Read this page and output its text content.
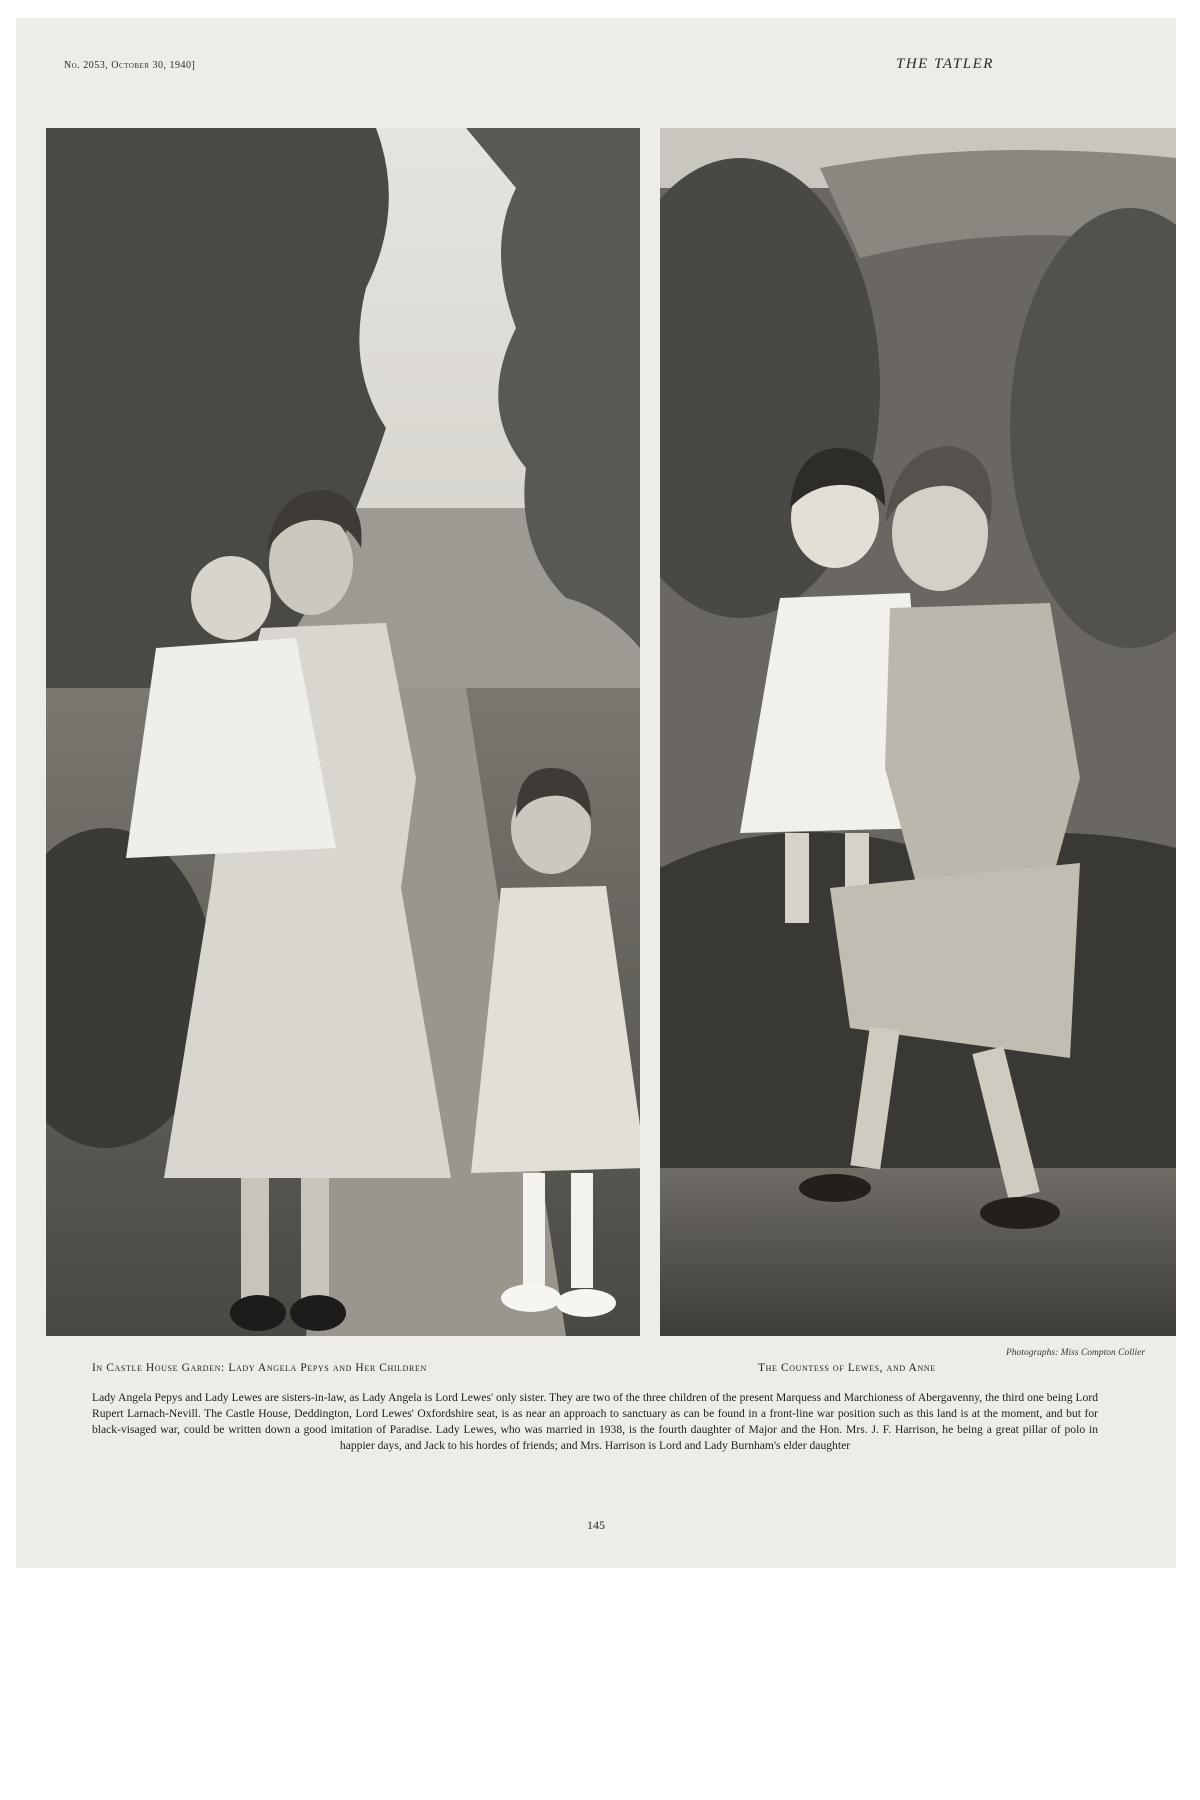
No. 2053, October 30, 1940]	THE TATLER
Photographs: Miss Compton Collier
In Castle House Garden: Lady Angela Pepys and Her Children	The Countess of Lewes, and Anne
Lady Angela Pepys and Lady Lewes are sisters-in-law, as Lady Angela is Lord Lewes' only sister. They are two of the three children of the present Marquess and Marchioness of Abergavenny, the third one being Lord Rupert Larnach-Nevill. The Castle House, Deddington, Lord Lewes' Oxfordshire seat, is as near an approach to sanctuary as can be found in a front-line war position such as this land is at the moment, and but for black-visaged war, could be written down a good imitation of Paradise. Lady Lewes, who was married in 1938, is the fourth daughter of Major and the Hon. Mrs. J. F. Harrison, he being a great pillar of polo in happier days, and Jack to his hordes of friends; and Mrs. Harrison is Lord and Lady Burnham's elder daughter
145
